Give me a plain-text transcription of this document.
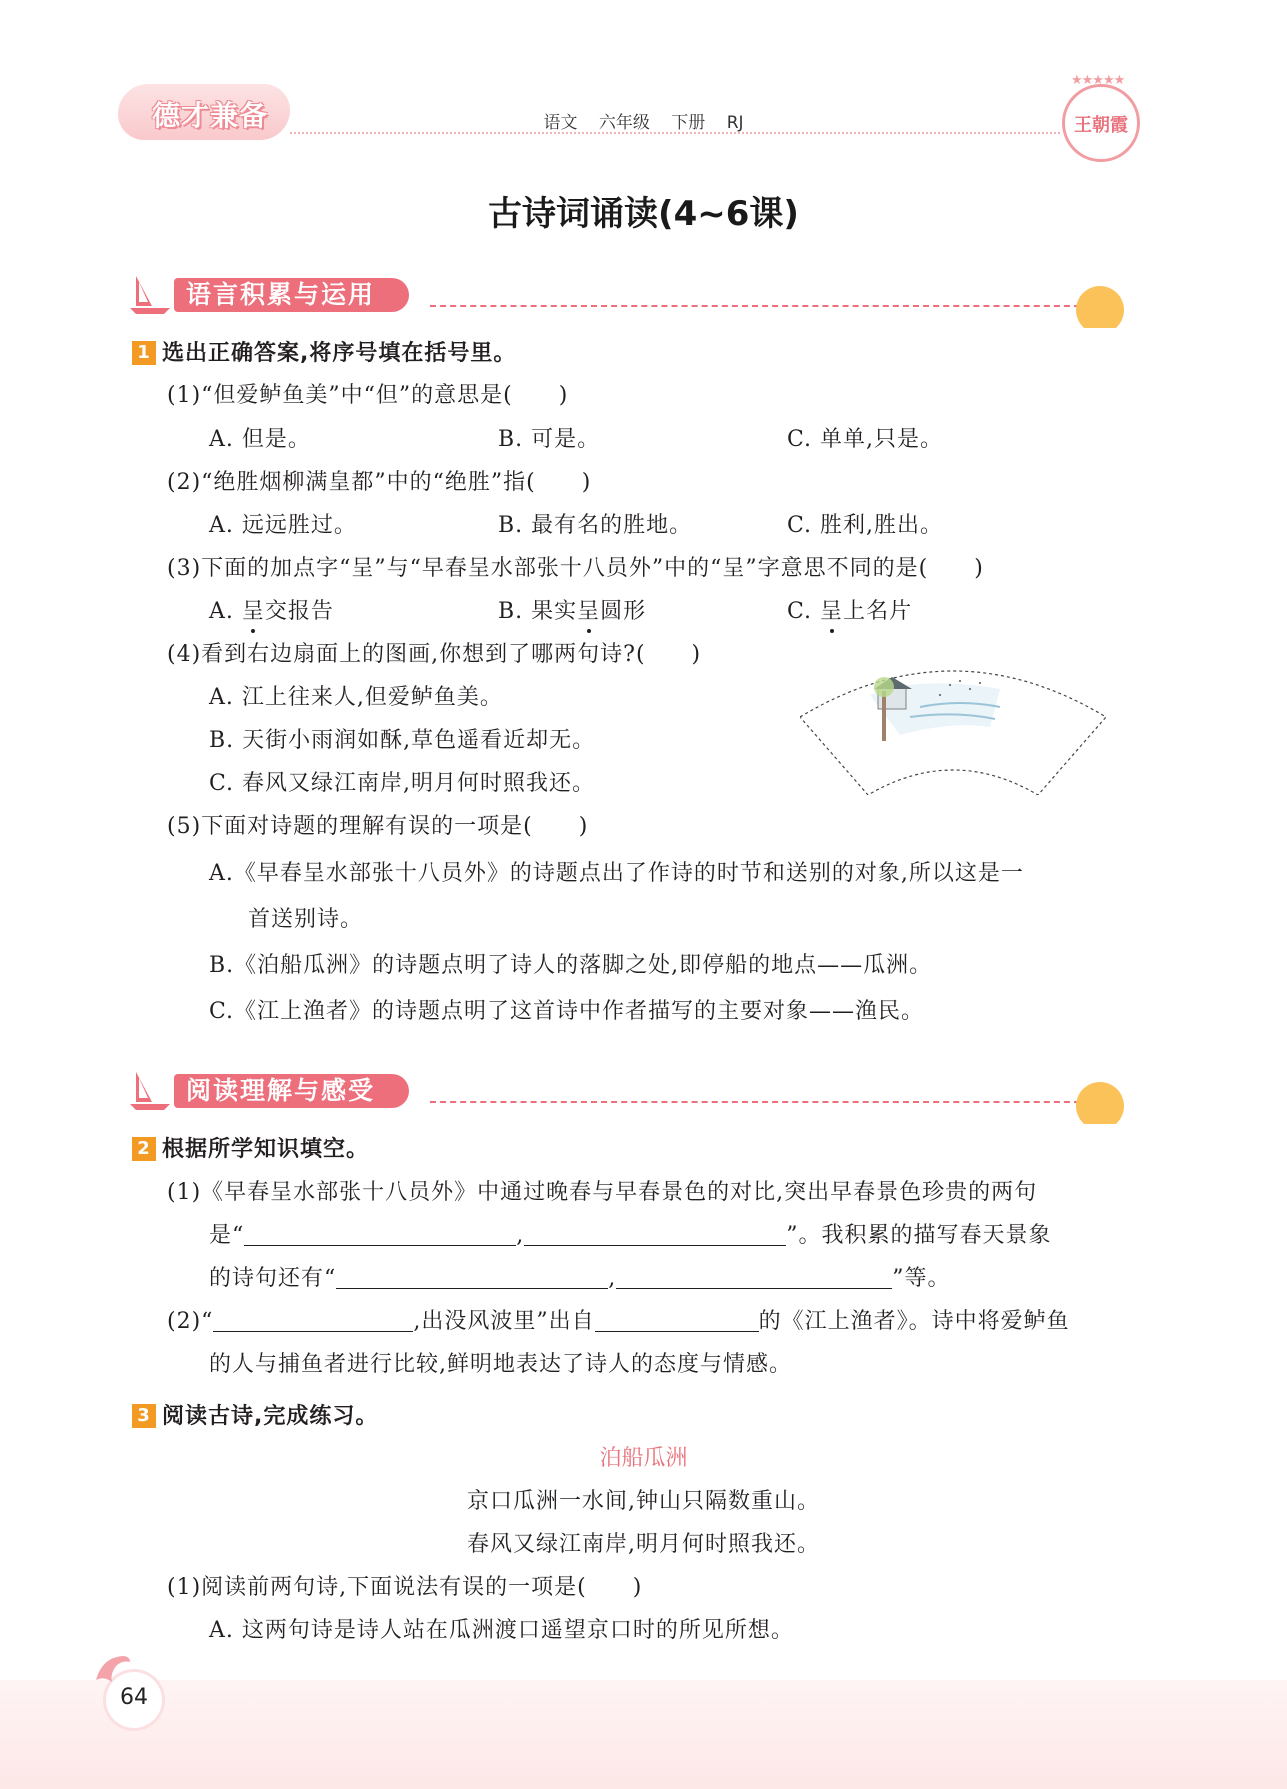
德才兼备	语文 六年级 下册 RJ
★★★★★
王朝霞
古诗词诵读(4~6课)
语言积累与运用
1 选出正确答案,将序号填在括号里。
(1)“但爱鲈鱼美”中“但”的意思是(　　)
A. 但是。	B. 可是。	C. 单单,只是。
(2)“绝胜烟柳满皇都”中的“绝胜”指(　　)
A. 远远胜过。	B. 最有名的胜地。	C. 胜利,胜出。
(3)下面的加点字“呈”与“早春呈水部张十八员外”中的“呈”字意思不同的是(　　)
A. 呈交报告	B. 果实呈圆形	C. 呈上名片
(4)看到右边扇面上的图画,你想到了哪两句诗?(　　)
A. 江上往来人,但爱鲈鱼美。
B. 天街小雨润如酥,草色遥看近却无。
C. 春风又绿江南岸,明月何时照我还。
(5)下面对诗题的理解有误的一项是(　　)
A.《早春呈水部张十八员外》的诗题点出了作诗的时节和送别的对象,所以这是一
首送别诗。
B.《泊船瓜洲》的诗题点明了诗人的落脚之处,即停船的地点——瓜洲。
C.《江上渔者》的诗题点明了这首诗中作者描写的主要对象——渔民。
阅读理解与感受
2 根据所学知识填空。
(1)《早春呈水部张十八员外》中通过晚春与早春景色的对比,突出早春景色珍贵的两句
是“	,	”。我积累的描写春天景象
的诗句还有“	,	”等。
(2)“	,出没风波里”出自	的《江上渔者》。诗中将爱鲈鱼
的人与捕鱼者进行比较,鲜明地表达了诗人的态度与情感。
3 阅读古诗,完成练习。
泊船瓜洲
京口瓜洲一水间,钟山只隔数重山。
春风又绿江南岸,明月何时照我还。
(1)阅读前两句诗,下面说法有误的一项是(　　)
A. 这两句诗是诗人站在瓜洲渡口遥望京口时的所见所想。
64
